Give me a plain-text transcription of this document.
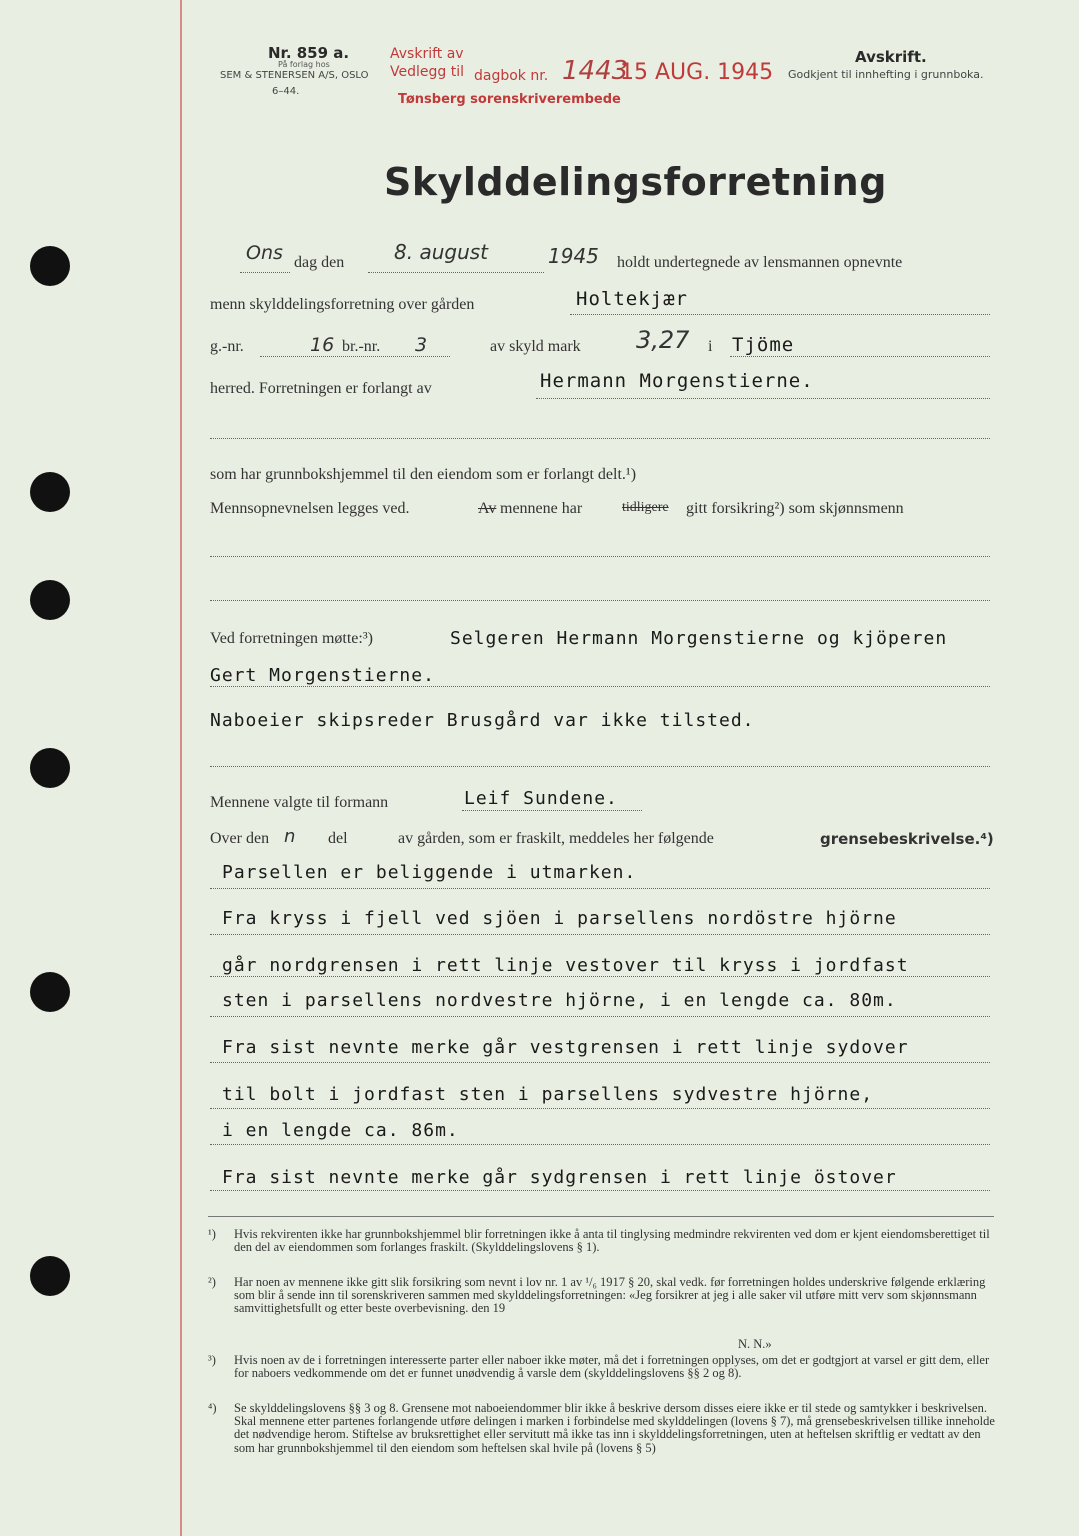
Nr. 859 a.
På forlag hos
SEM & STENERSEN A/S, OSLO
6–44.
Avskrift av
Vedlegg til dagbok nr. 1443
15 AUG. 1945
Tønsberg sorenskriverembede
Avskrift.
Godkjent til innhefting i grunnboka.
Skylddelingsforretning
Ons dag den 8. august	1945 holdt undertegnede av lensmannen opnevnte
menn skylddelingsforretning over gården	Holtekjær
g.-nr.	16 br.-nr. 3	av skyld mark 3,27 i Tjöme
herred. Forretningen er forlangt av	Hermann Morgenstierne.
som har grunnbokshjemmel til den eiendom som er forlangt delt.¹)
Mennsopnevnelsen legges ved.	Av mennene har	tidligere gitt forsikring²) som skjønnsmenn
Ved forretningen møtte:³)	Selgeren Hermann Morgenstierne og kjöperen
Gert Morgenstierne.
Naboeier skipsreder Brusgård var ikke tilsted.
Mennene valgte til formann	Leif Sundene.
Over den n del	av gården, som er fraskilt, meddeles her følgende	grensebeskrivelse.⁴)
Parsellen er beliggende i utmarken.
Fra kryss i fjell ved sjöen i parsellens nordöstre hjörne
går nordgrensen i rett linje vestover til kryss i jordfast
sten i parsellens nordvestre hjörne, i en lengde ca. 80m.
Fra sist nevnte merke går vestgrensen i rett linje sydover
til bolt i jordfast sten i parsellens sydvestre hjörne,
i en lengde ca. 86m.
Fra sist nevnte merke går sydgrensen i rett linje östover
¹) Hvis rekvirenten ikke har grunnbokshjemmel blir forretningen ikke å anta til tinglysing medmindre rekvirenten ved dom er kjent eiendomsberettiget til den del av eiendommen som forlanges fraskilt. (Skylddelingslovens § 1).
²) Har noen av mennene ikke gitt slik forsikring som nevnt i lov nr. 1 av ¹/₆ 1917 § 20, skal vedk. før forretningen holdes underskrive følgende erklæring som blir å sende inn til sorenskriveren sammen med skylddelingsforretningen: «Jeg forsikrer at jeg i alle saker vil utføre mitt verv som skjønnsmann samvittighetsfullt og etter beste overbevisning. den 19
N. N.»
³) Hvis noen av de i forretningen interesserte parter eller naboer ikke møter, må det i forretningen opplyses, om det er godtgjort at varsel er gitt dem, eller for naboers vedkommende om det er funnet unødvendig å varsle dem (skylddelingslovens §§ 2 og 8).
⁴) Se skylddelingslovens §§ 3 og 8. Grensene mot naboeiendommer blir ikke å beskrive dersom disses eiere ikke er til stede og samtykker i beskrivelsen. Skal mennene etter partenes forlangende utføre delingen i marken i forbindelse med skylddelingen (lovens § 7), må grensebeskrivelsen tillike inneholde det nødvendige herom. Stiftelse av bruksrettighet eller servitutt må ikke tas inn i skylddelingsforretningen, uten at heftelsen skriftlig er vedtatt av den som har grunnbokshjemmel til den eiendom som heftelsen skal hvile på (lovens § 5)
